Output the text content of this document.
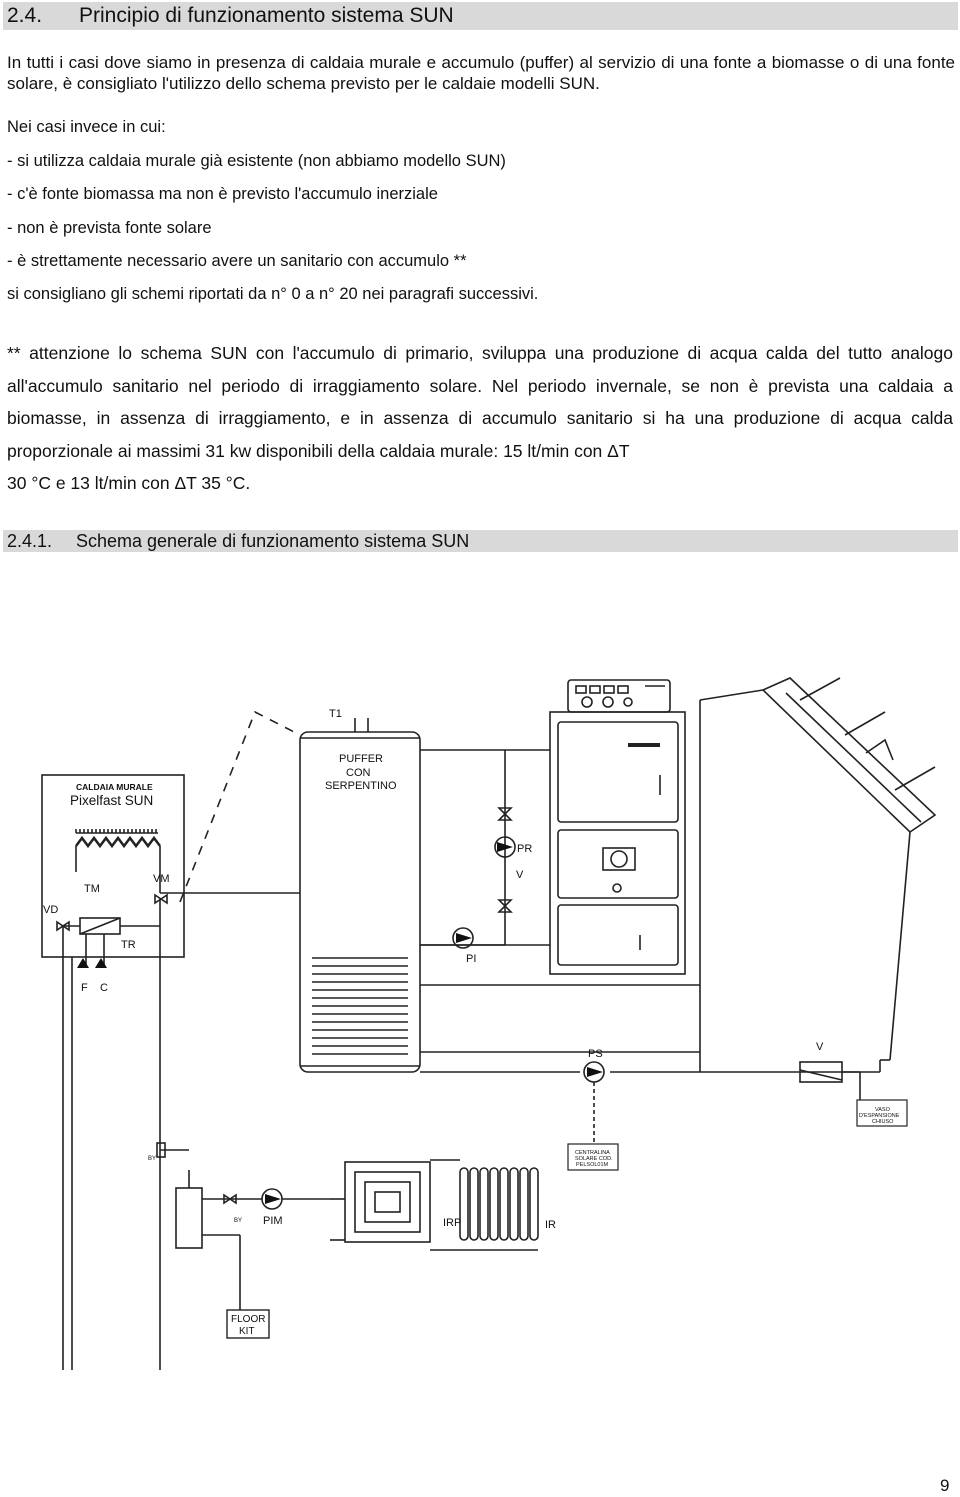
2.4. Principio di funzionamento sistema SUN

In tutti i casi dove siamo in presenza di caldaia murale e accumulo (puffer) al servizio di una fonte a biomasse o di una fonte solare, è consigliato l'utilizzo dello schema previsto per le caldaie modelli SUN.

Nei casi invece in cui:

- si utilizza caldaia murale già esistente (non abbiamo modello SUN)

- c'è fonte biomassa ma non è previsto l'accumulo inerziale

- non è prevista fonte solare

- è strettamente necessario avere un sanitario con accumulo **

si consigliano gli schemi riportati da n° 0 a n° 20 nei paragrafi successivi.

** attenzione lo schema SUN con l'accumulo di primario, sviluppa una produzione di acqua calda del tutto analogo all'accumulo sanitario nel periodo di irraggiamento solare. Nel periodo invernale, se non è prevista una caldaia a biomasse, in assenza di irraggiamento, e in assenza di accumulo sanitario si ha una produzione di acqua calda proporzionale ai massimi 31 kw disponibili della caldaia murale: 15 lt/min con ΔT
30 °C e 13 lt/min con ΔT 35 °C.

2.4.1. Schema generale di funzionamento sistema SUN
CALDAIA MURALE
Pixelfast SUN
T1
PUFFER
CON
SERPENTINO
VD
TM
VM
TR
F C
PR
V
PI
PS
V
BY
BY PIM	IRP	IR
VASO
D'ESPANSIONE
CHIUSO
CENTRALINA
SOLARE COD.
PELSOL01M
FLOOR
KIT
9
